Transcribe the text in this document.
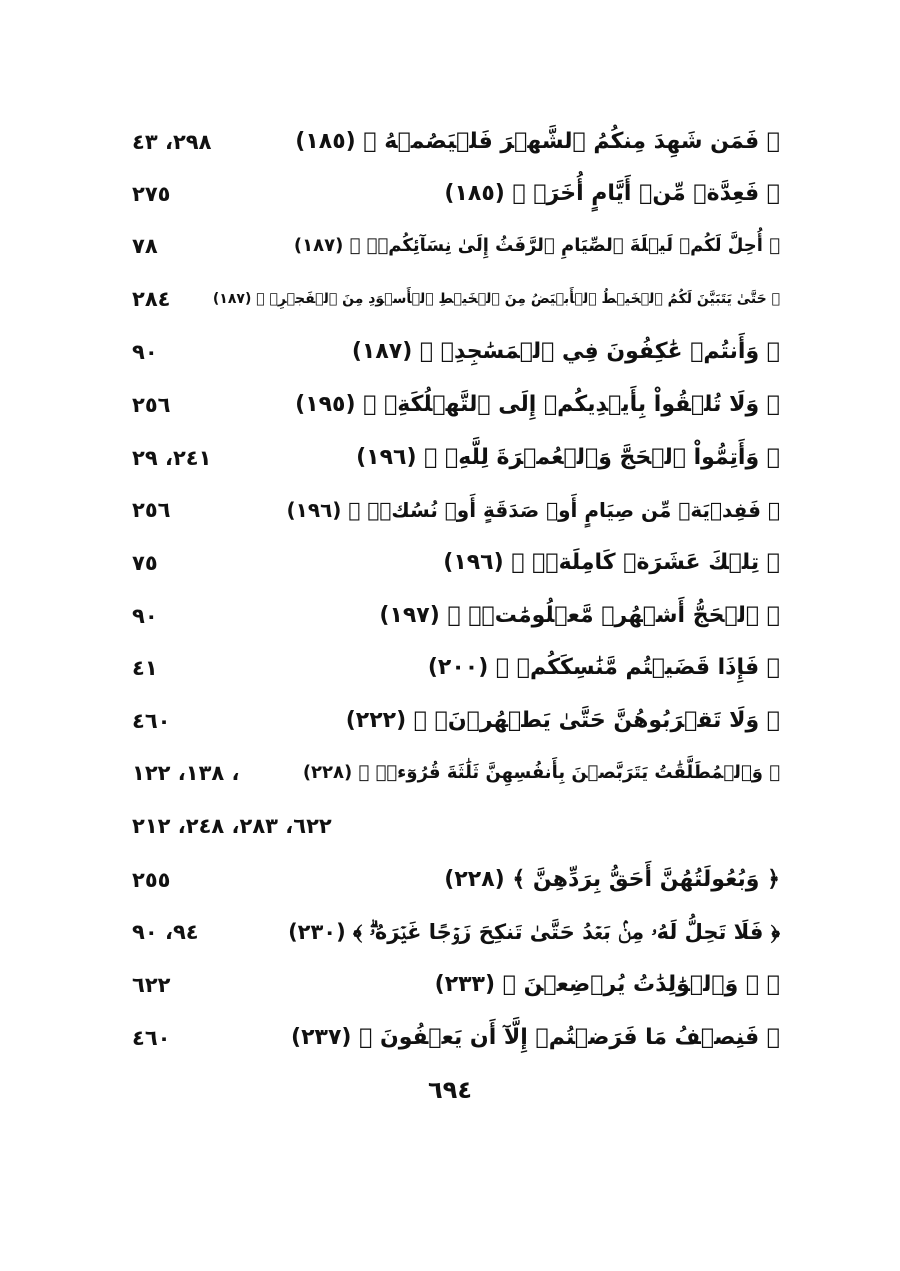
﴿ فَمَن شَهِدَ مِنكُمُ ٱلشَّهۡرَ فَلۡيَصُمۡهُ ﴾ (١٨٥)
٢٩٨، ٤٣
﴿ فَعِدَّةٞ مِّنۡ أَيَّامٍ أُخَرَۗ ﴾ (١٨٥)
٢٧٥
﴿ أُحِلَّ لَكُمۡ لَيۡلَةَ ٱلصِّيَامِ ٱلرَّفَثُ إِلَىٰ نِسَآئِكُمۡۚ ﴾ (١٨٧)
٧٨
﴿ حَتَّىٰ يَتَبَيَّنَ لَكُمُ ٱلۡخَيۡطُ ٱلۡأَبۡيَضُ مِنَ ٱلۡخَيۡطِ ٱلۡأَسۡوَدِ مِنَ ٱلۡفَجۡرِۖ ﴾ (١٨٧)
٢٨٤
﴿ وَأَنتُمۡ عَٰكِفُونَ فِي ٱلۡمَسَٰجِدِۗ ﴾ (١٨٧)
٩٠
﴿ وَلَا تُلۡقُواْ بِأَيۡدِيكُمۡ إِلَى ٱلتَّهۡلُكَةِۛ ﴾ (١٩٥)
٢٥٦
﴿ وَأَتِمُّواْ ٱلۡحَجَّ وَٱلۡعُمۡرَةَ لِلَّهِۚ ﴾ (١٩٦)
٢٤١، ٢٩
﴿ فَفِدۡيَةٞ مِّن صِيَامٍ أَوۡ صَدَقَةٍ أَوۡ نُسُكٖۚ ﴾ (١٩٦)
٢٥٦
﴿ تِلۡكَ عَشَرَةٞ كَامِلَةٞۗ ﴾ (١٩٦)
٧٥
﴿ ٱلۡحَجُّ أَشۡهُرٞ مَّعۡلُومَٰتٞۚ ﴾ (١٩٧)
٩٠
﴿ فَإِذَا قَضَيۡتُم مَّنَٰسِكَكُمۡ ﴾ (٢٠٠)
٤١
﴿ وَلَا تَقۡرَبُوهُنَّ حَتَّىٰ يَطۡهُرۡنَۖ ﴾ (٢٢٢)
٤٦٠
﴿ وَٱلۡمُطَلَّقَٰتُ يَتَرَبَّصۡنَ بِأَنفُسِهِنَّ ثَلَٰثَةَ قُرُوٓءٖۚ ﴾ (٢٢٨)
، ١٣٨، ١٢٢
٦٢٢، ٢٨٣، ٢٤٨، ٢١٢
﴿ وَبُعُولَتُهُنَّ أَحَقُّ بِرَدِّهِنَّ ﴾ (٢٢٨)
٢٥٥
﴿ فَلَا تَحِلُّ لَهُۥ مِنۢ بَعۡدُ حَتَّىٰ تَنكِحَ زَوۡجًا غَيۡرَهُۥۗ ﴾ (٢٣٠)
٩٤، ٩٠
﴿ ۞ وَٱلۡوَٰلِدَٰتُ يُرۡضِعۡنَ ﴾ (٢٣٣)
٦٢٢
﴿ فَنِصۡفُ مَا فَرَضۡتُمۡ إِلَّآ أَن يَعۡفُونَ ﴾ (٢٣٧)
٤٦٠
٦٩٤
